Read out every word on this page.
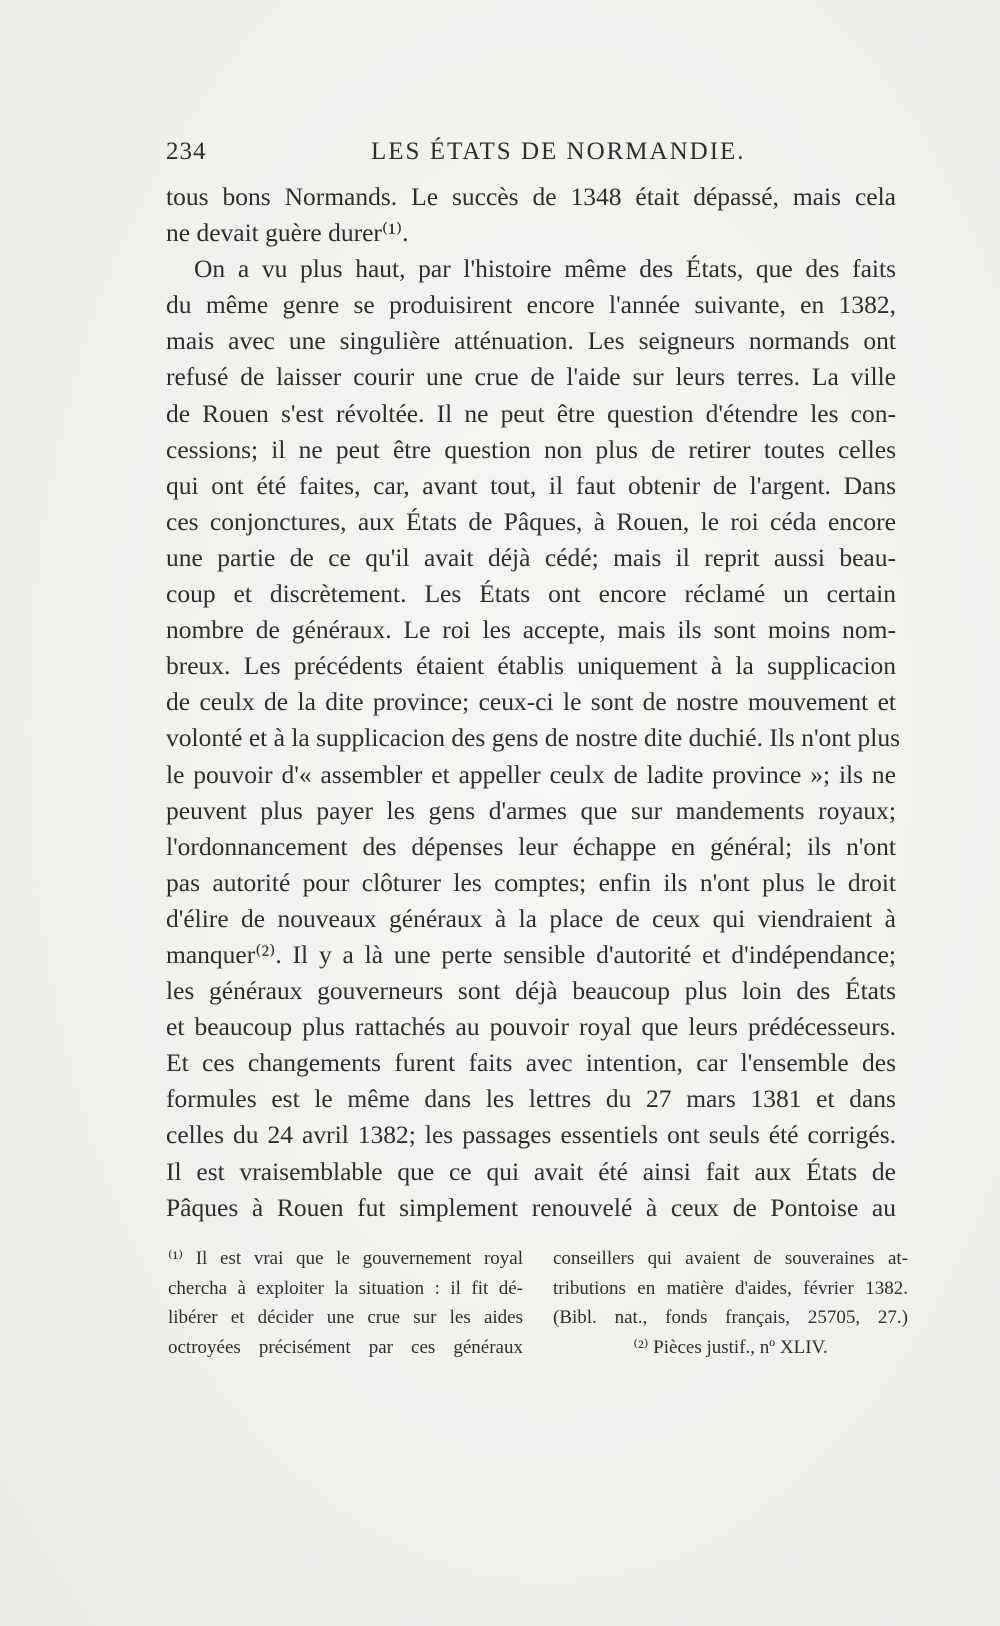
234	LES ÉTATS DE NORMANDIE.
tous bons Normands. Le succès de 1348 était dépassé, mais cela
ne devait guère durer⁽¹⁾.
On a vu plus haut, par l'histoire même des États, que des faits
du même genre se produisirent encore l'année suivante, en 1382,
mais avec une singulière atténuation. Les seigneurs normands ont
refusé de laisser courir une crue de l'aide sur leurs terres. La ville
de Rouen s'est révoltée. Il ne peut être question d'étendre les con-
cessions; il ne peut être question non plus de retirer toutes celles
qui ont été faites, car, avant tout, il faut obtenir de l'argent. Dans
ces conjonctures, aux États de Pâques, à Rouen, le roi céda encore
une partie de ce qu'il avait déjà cédé; mais il reprit aussi beau-
coup et discrètement. Les États ont encore réclamé un certain
nombre de généraux. Le roi les accepte, mais ils sont moins nom-
breux. Les précédents étaient établis uniquement à la supplicacion
de ceulx de la dite province; ceux-ci le sont de nostre mouvement et
volonté et à la supplicacion des gens de nostre dite duchié. Ils n'ont plus
le pouvoir d'« assembler et appeller ceulx de ladite province »; ils ne
peuvent plus payer les gens d'armes que sur mandements royaux;
l'ordonnancement des dépenses leur échappe en général; ils n'ont
pas autorité pour clôturer les comptes; enfin ils n'ont plus le droit
d'élire de nouveaux généraux à la place de ceux qui viendraient à
manquer⁽²⁾. Il y a là une perte sensible d'autorité et d'indépendance;
les généraux gouverneurs sont déjà beaucoup plus loin des États
et beaucoup plus rattachés au pouvoir royal que leurs prédécesseurs.
Et ces changements furent faits avec intention, car l'ensemble des
formules est le même dans les lettres du 27 mars 1381 et dans
celles du 24 avril 1382; les passages essentiels ont seuls été corrigés.
Il est vraisemblable que ce qui avait été ainsi fait aux États de
Pâques à Rouen fut simplement renouvelé à ceux de Pontoise au
⁽¹⁾ Il est vrai que le gouvernement royal
chercha à exploiter la situation : il fit dé-
libérer et décider une crue sur les aides
octroyées précisément par ces généraux
conseillers qui avaient de souveraines at-
tributions en matière d'aides, février 1382.
(Bibl. nat., fonds français, 25705, 27.)
⁽²⁾ Pièces justif., nº XLIV.
